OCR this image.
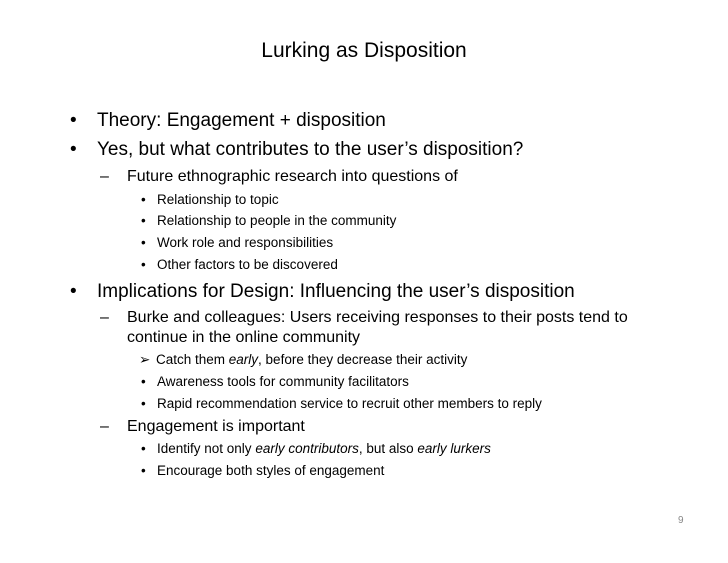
Lurking as Disposition
• Theory: Engagement + disposition
• Yes, but what contributes to the user’s disposition?
– Future ethnographic research into questions of
• Relationship to topic
• Relationship to people in the community
• Work role and responsibilities
• Other factors to be discovered
• Implications for Design: Influencing the user’s disposition
– Burke and colleagues: Users receiving responses to their posts tend to
continue in the online community
➢ Catch them early, before they decrease their activity
• Awareness tools for community facilitators
• Rapid recommendation service to recruit other members to reply
– Engagement is important
• Identify not only early contributors, but also early lurkers
• Encourage both styles of engagement
9
